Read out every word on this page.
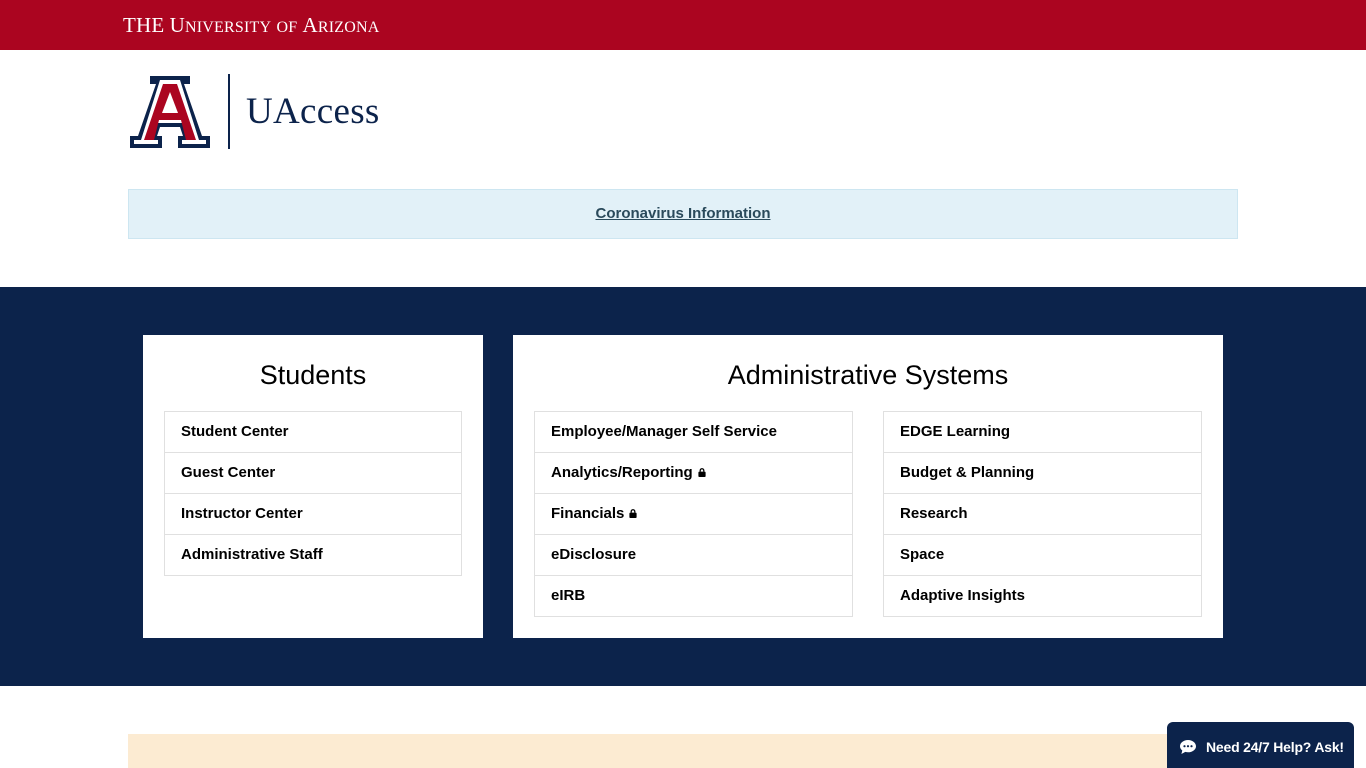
THE UNIVERSITY OF ARIZONA
UAccess
Coronavirus Information
Students
Student Center
Guest Center
Instructor Center
Administrative Staff
Administrative Systems
Employee/Manager Self Service
Analytics/Reporting
Financials
eDisclosure
eIRB
EDGE Learning
Budget & Planning
Research
Space
Adaptive Insights
Need 24/7 Help? Ask!
